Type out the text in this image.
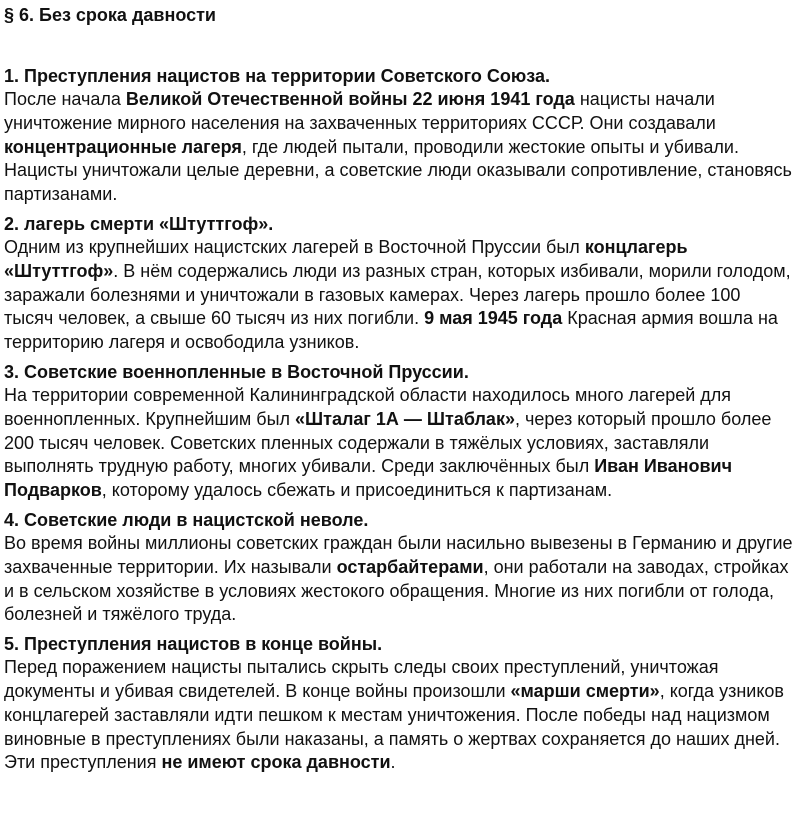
§ 6. Без срока давности
1. Преступления нацистов на территории Советского Союза.
После начала Великой Отечественной войны 22 июня 1941 года нацисты начали уничтожение мирного населения на захваченных территориях СССР. Они создавали концентрационные лагеря, где людей пытали, проводили жестокие опыты и убивали. Нацисты уничтожали целые деревни, а советские люди оказывали сопротивление, становясь партизанами.
2. лагерь смерти «Штуттгоф».
Одним из крупнейших нацистских лагерей в Восточной Пруссии был концлагерь «Штуттгоф». В нём содержались люди из разных стран, которых избивали, морили голодом, заражали болезнями и уничтожали в газовых камерах. Через лагерь прошло более 100 тысяч человек, а свыше 60 тысяч из них погибли. 9 мая 1945 года Красная армия вошла на территорию лагеря и освободила узников.
3. Советские военнопленные в Восточной Пруссии.
На территории современной Калининградской области находилось много лагерей для военнопленных. Крупнейшим был «Шталаг 1А — Штаблак», через который прошло более 200 тысяч человек. Советских пленных содержали в тяжёлых условиях, заставляли выполнять трудную работу, многих убивали. Среди заключённых был Иван Иванович Подварков, которому удалось сбежать и присоединиться к партизанам.
4. Советские люди в нацистской неволе.
Во время войны миллионы советских граждан были насильно вывезены в Германию и другие захваченные территории. Их называли остарбайтерами, они работали на заводах, стройках и в сельском хозяйстве в условиях жестокого обращения. Многие из них погибли от голода, болезней и тяжёлого труда.
5. Преступления нацистов в конце войны.
Перед поражением нацисты пытались скрыть следы своих преступлений, уничтожая документы и убивая свидетелей. В конце войны произошли «марши смерти», когда узников концлагерей заставляли идти пешком к местам уничтожения. После победы над нацизмом виновные в преступлениях были наказаны, а память о жертвах сохраняется до наших дней. Эти преступления не имеют срока давности.
